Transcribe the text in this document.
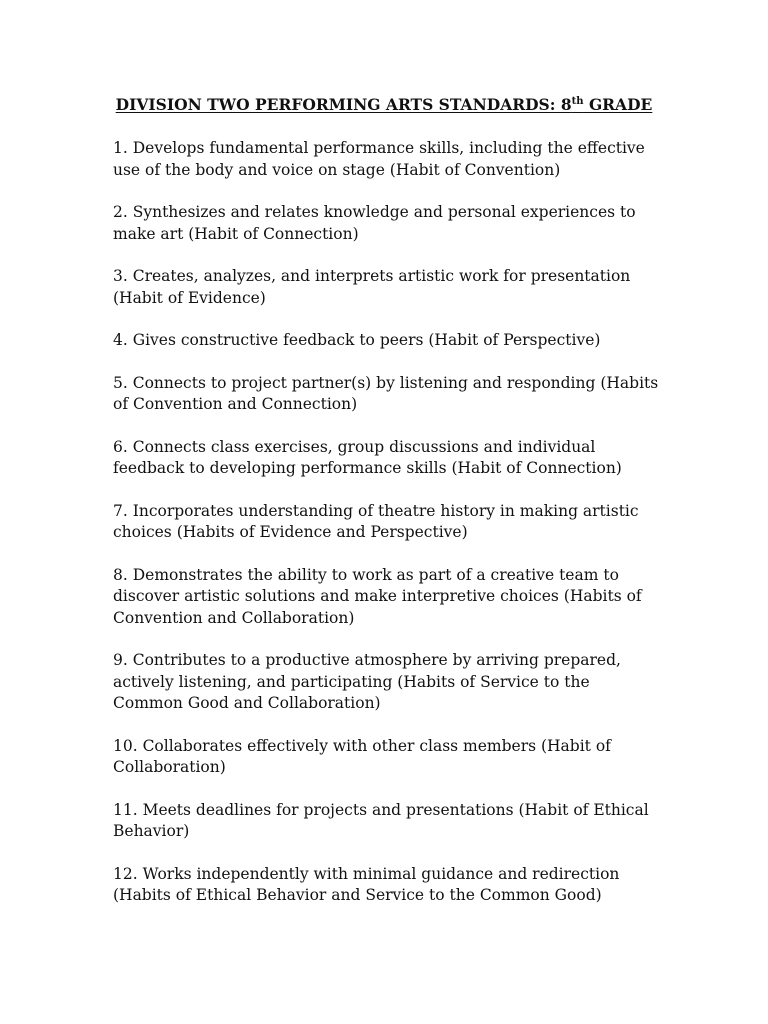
DIVISION TWO PERFORMING ARTS STANDARDS: 8th GRADE

1. Develops fundamental performance skills, including the effective use of the body and voice on stage (Habit of Convention)

2. Synthesizes and relates knowledge and personal experiences to make art (Habit of Connection)

3. Creates, analyzes, and interprets artistic work for presentation (Habit of Evidence)

4. Gives constructive feedback to peers (Habit of Perspective)

5. Connects to project partner(s) by listening and responding (Habits of Convention and Connection)

6. Connects class exercises, group discussions and individual feedback to developing performance skills (Habit of Connection)

7. Incorporates understanding of theatre history in making artistic choices (Habits of Evidence and Perspective)

8. Demonstrates the ability to work as part of a creative team to discover artistic solutions and make interpretive choices (Habits of Convention and Collaboration)

9. Contributes to a productive atmosphere by arriving prepared, actively listening, and participating (Habits of Service to the Common Good and Collaboration)

10. Collaborates effectively with other class members (Habit of Collaboration)

11. Meets deadlines for projects and presentations (Habit of Ethical Behavior)

12. Works independently with minimal guidance and redirection (Habits of Ethical Behavior and Service to the Common Good)
